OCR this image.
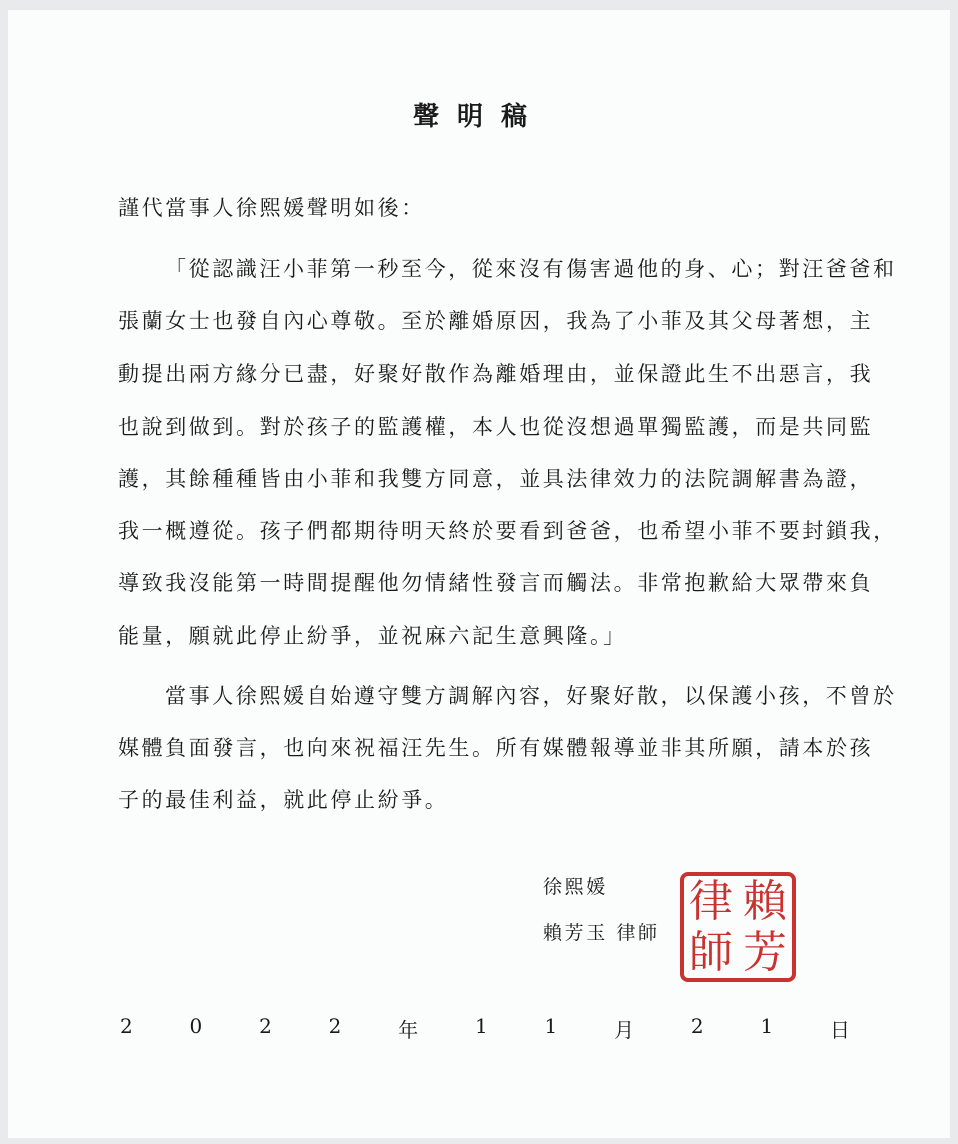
聲明稿
謹代當事人徐熙媛聲明如後：
「從認識汪小菲第一秒至今，從來沒有傷害過他的身、心；對汪爸爸和
張蘭女士也發自內心尊敬。至於離婚原因，我為了小菲及其父母著想，主
動提出兩方緣分已盡，好聚好散作為離婚理由，並保證此生不出惡言，我
也說到做到。對於孩子的監護權，本人也從沒想過單獨監護，而是共同監
護，其餘種種皆由小菲和我雙方同意，並具法律效力的法院調解書為證，
我一概遵從。孩子們都期待明天終於要看到爸爸，也希望小菲不要封鎖我，
導致我沒能第一時間提醒他勿情緒性發言而觸法。非常抱歉給大眾帶來負
能量，願就此停止紛爭，並祝麻六記生意興隆。」
當事人徐熙媛自始遵守雙方調解內容，好聚好散，以保護小孩，不曾於
媒體負面發言，也向來祝福汪先生。所有媒體報導並非其所願，請本於孩
子的最佳利益，就此停止紛爭。
徐熙媛
賴芳玉 律師
律 賴
師 芳
2	0	2	2	年	1	1	月	2	1	日
